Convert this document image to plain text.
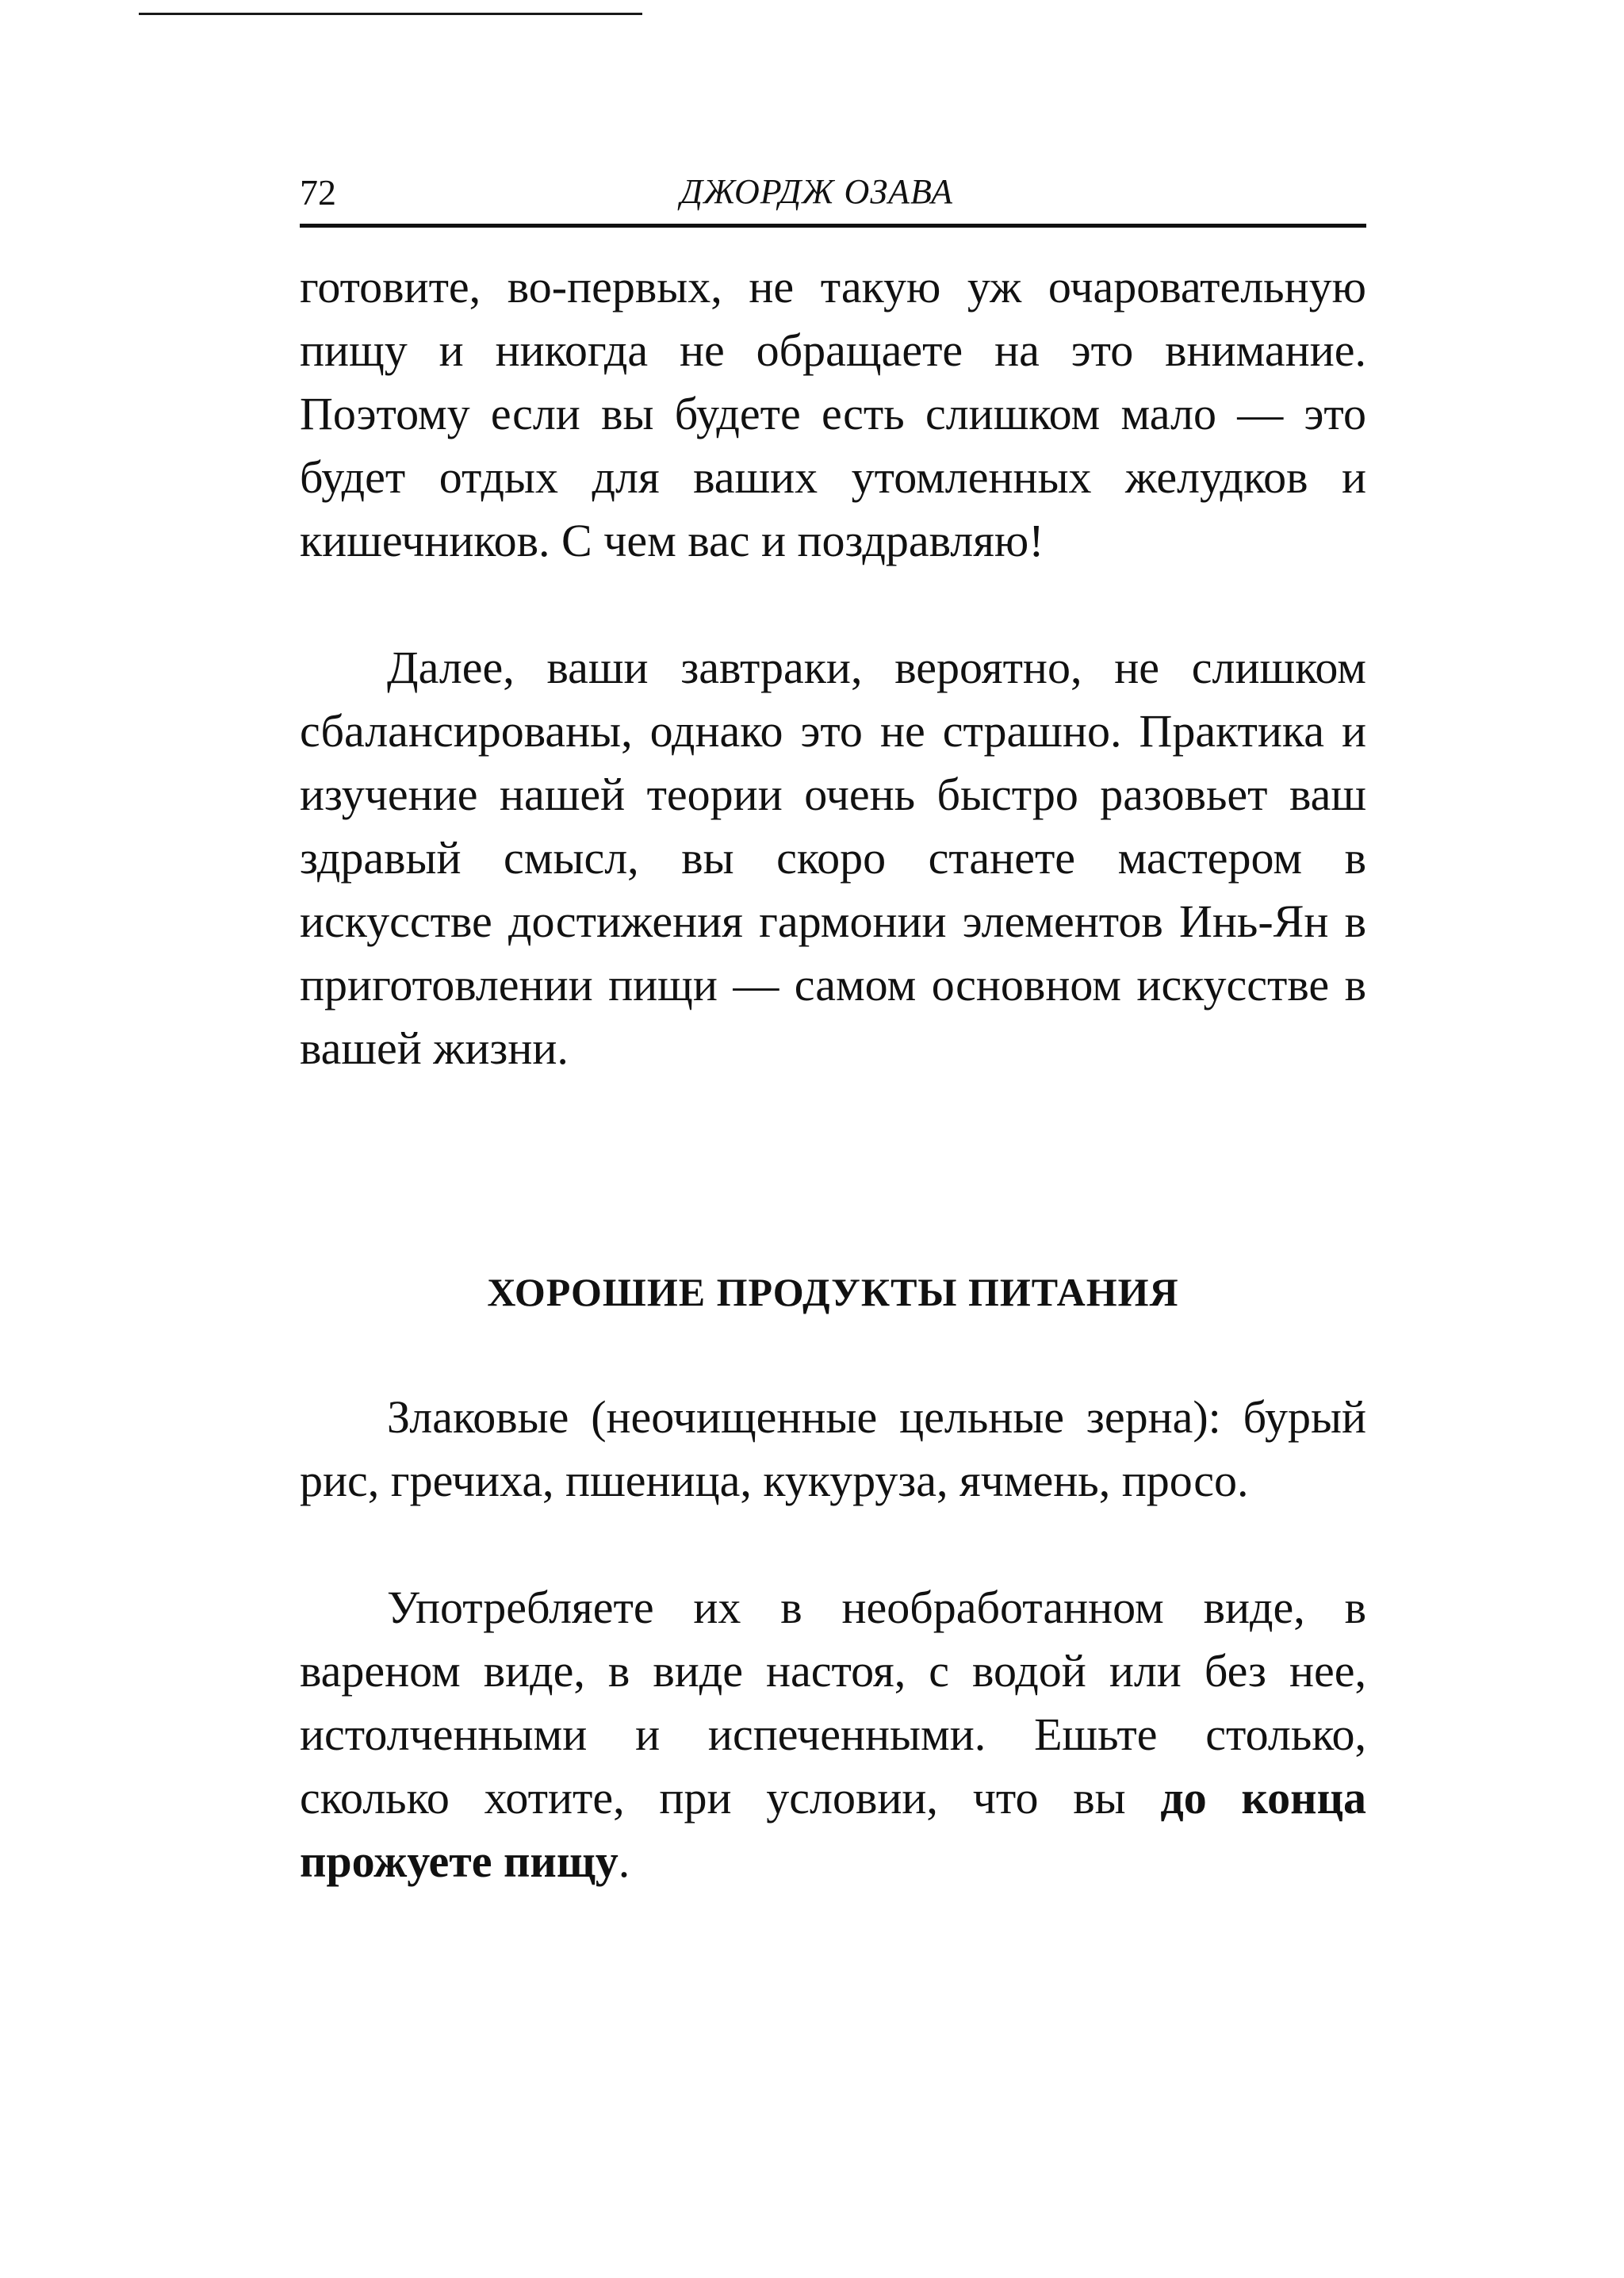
72	ДЖОРДЖ ОЗАВА

готовите, во-первых, не такую уж очаровательную пищу и никогда не обращаете на это внимание. Поэтому если вы будете есть слишком мало — это будет отдых для ваших утомленных желудков и кишечников. С чем вас и поздравляю!

Далее, ваши завтраки, вероятно, не слишком сбалансированы, однако это не страшно. Практика и изучение нашей теории очень быстро разовьет ваш здравый смысл, вы скоро станете мастером в искусстве достижения гармонии элементов Инь-Ян в приготовлении пищи — самом основном искусстве в вашей жизни.

ХОРОШИЕ ПРОДУКТЫ ПИТАНИЯ

Злаковые (неочищенные цельные зерна): бурый рис, гречиха, пшеница, кукуруза, ячмень, просо.

Употребляете их в необработанном виде, в вареном виде, в виде настоя, с водой или без нее, истолченными и испеченными. Ешьте столько, сколько хотите, при условии, что вы до конца прожуете пищу.
